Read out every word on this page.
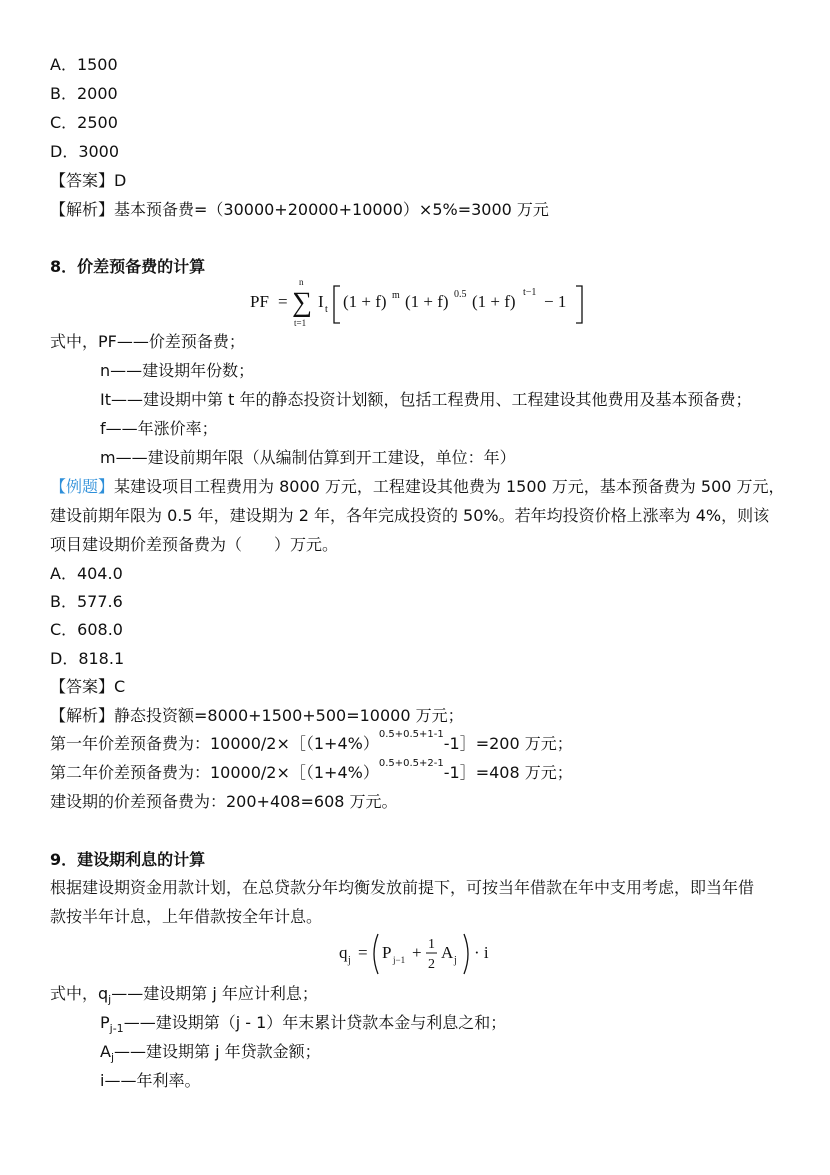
A．1500
B．2000
C．2500
D．3000
【答案】D
【解析】基本预备费=（30000+20000+10000）×5%=3000 万元
8．价差预备费的计算
PF =
n
∑
t=1
I t (1 + f) m (1 + f) 0.5 (1 + f) t−1 − 1
式中，PF——价差预备费；
n——建设期年份数；
It——建设期中第 t 年的静态投资计划额，包括工程费用、工程建设其他费用及基本预备费；
f——年涨价率；
m——建设前期年限（从编制估算到开工建设，单位：年）
【例题】某建设项目工程费用为 8000 万元，工程建设其他费为 1500 万元，基本预备费为 500 万元，
建设前期年限为 0.5 年，建设期为 2 年，各年完成投资的 50%。若年均投资价格上涨率为 4%，则该
项目建设期价差预备费为（　　）万元。
A．404.0
B．577.6
C．608.0
D．818.1
【答案】C
【解析】静态投资额=8000+1500+500=10000 万元；
第一年价差预备费为：$10000/2\times[(1+4\%)^{0.5+0.5+1-1}-1]=200$ 万元；
第二年价差预备费为：$10000/2\times[(1+4\%)^{0.5+0.5+2-1}-1]=408$ 万元；
建设期的价差预备费为：200+408=608 万元。
9．建设期利息的计算
根据建设期资金用款计划，在总贷款分年均衡发放前提下，可按当年借款在年中支用考虑，即当年借
款按半年计息，上年借款按全年计息。
q j = P j−1 + 1
2
A j · i
式中，$q_j——$建设期第 j 年应计利息；
$P_{j-1}——$建设期第（j - 1）年末累计贷款本金与利息之和；
$A_j——$建设期第 j 年贷款金额；
i——年利率。
